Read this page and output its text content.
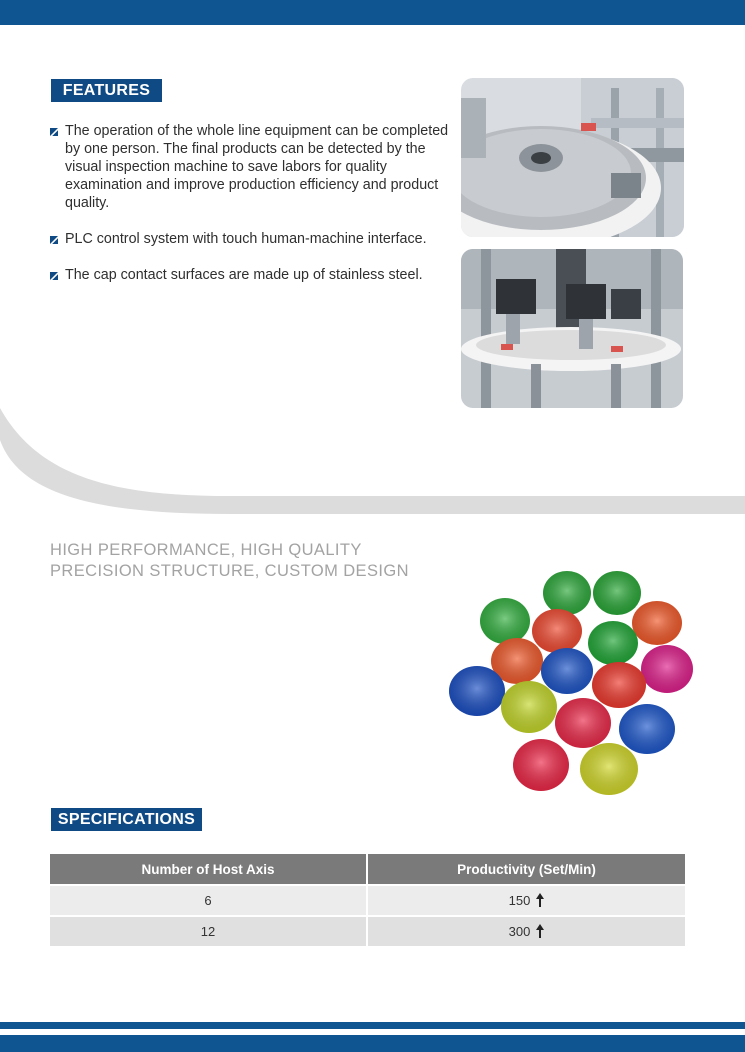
FEATURES
The operation of the whole line equipment can be completed by one person. The final products can be detected by the visual inspection machine to save labors for quality examination and improve production efficiency and product quality.
PLC control system with touch human-machine interface.
The cap contact surfaces are made up of stainless steel.
HIGH PERFORMANCE, HIGH QUALITY
PRECISION STRUCTURE, CUSTOM DESIGN
SPECIFICATIONS
Number of Host Axis	Productivity (Set/Min)
6	150
12	300
